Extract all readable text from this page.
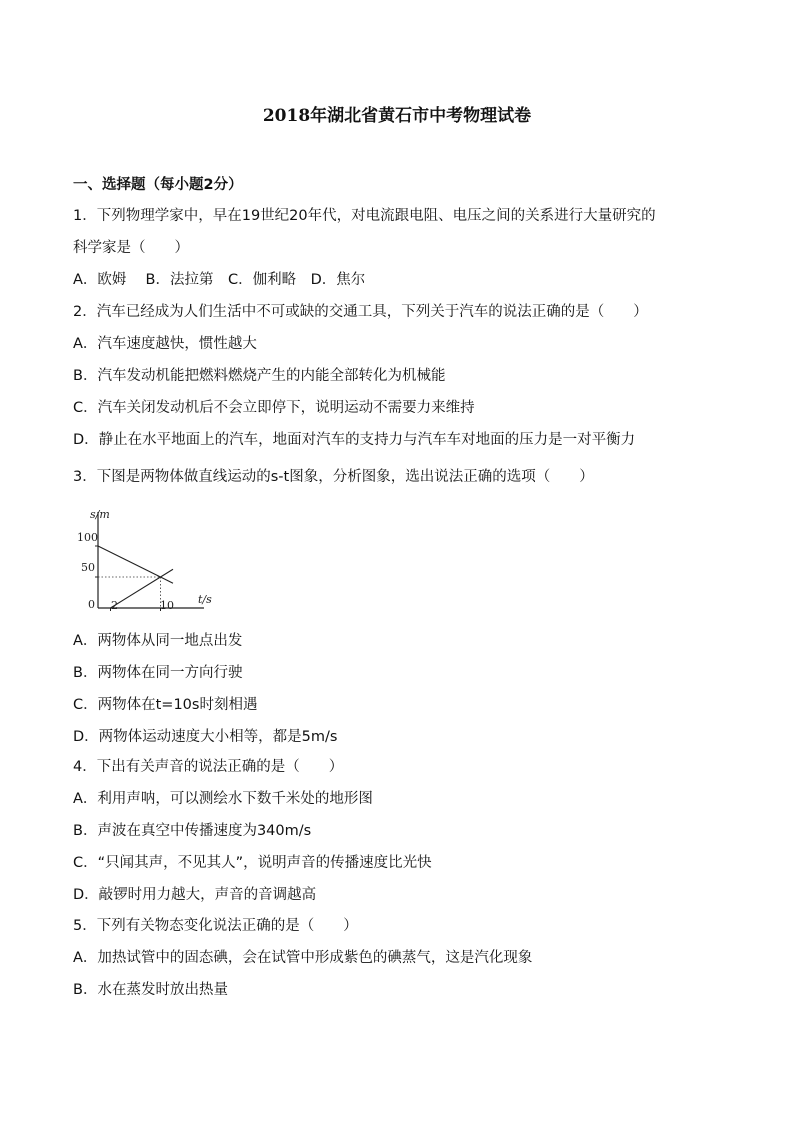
2018年湖北省黄石市中考物理试卷
一、选择题（每小题2分）
1．下列物理学家中，早在19世纪20年代，对电流跟电阻、电压之间的关系进行大量研究的
科学家是（　　）
A．欧姆　 B．法拉第　C．伽利略　D．焦尔
2．汽车已经成为人们生活中不可或缺的交通工具，下列关于汽车的说法正确的是（　　）
A．汽车速度越快，惯性越大
B．汽车发动机能把燃料燃烧产生的内能全部转化为机械能
C．汽车关闭发动机后不会立即停下，说明运动不需要力来维持
D．静止在水平地面上的汽车，地面对汽车的支持力与汽车车对地面的压力是一对平衡力
3．下图是两物体做直线运动的s-t图象，分析图象，选出说法正确的选项（　　）
s/m
t/s
0
100
50
2	10
A．两物体从同一地点出发
B．两物体在同一方向行驶
C．两物体在t=10s时刻相遇
D．两物体运动速度大小相等，都是5m/s
4．下出有关声音的说法正确的是（　　）
A．利用声呐，可以测绘水下数千米处的地形图
B．声波在真空中传播速度为340m/s
C．“只闻其声，不见其人”，说明声音的传播速度比光快
D．敲锣时用力越大，声音的音调越高
5．下列有关物态变化说法正确的是（　　）
A．加热试管中的固态碘，会在试管中形成紫色的碘蒸气，这是汽化现象
B．水在蒸发时放出热量
